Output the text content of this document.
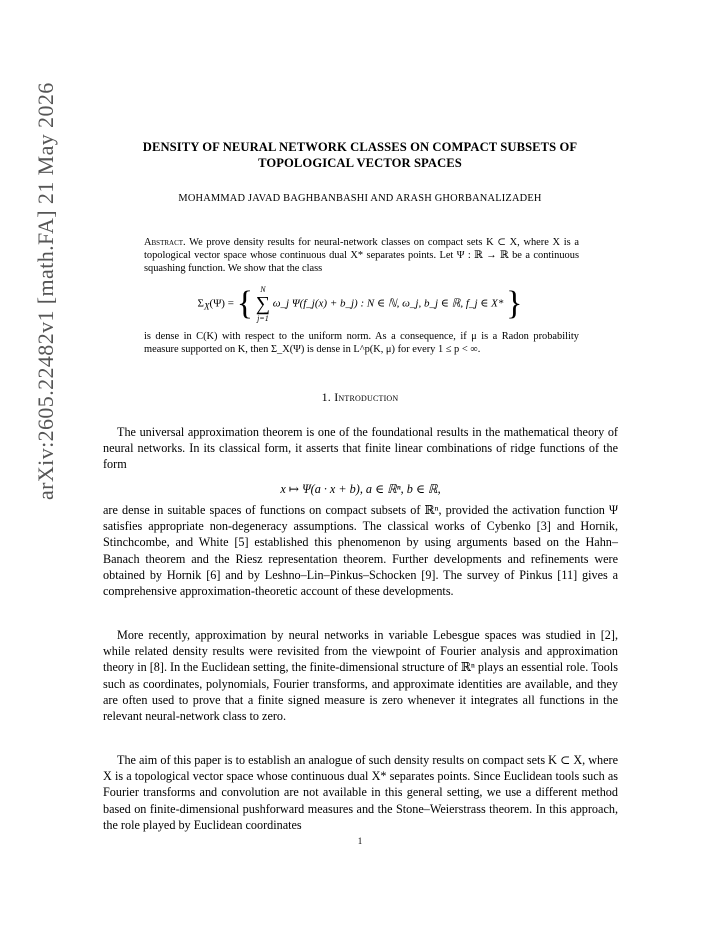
arXiv:2605.22482v1 [math.FA] 21 May 2026	DENSITY OF NEURAL NETWORK CLASSES ON COMPACT SUBSETS OF
TOPOLOGICAL VECTOR SPACES
MOHAMMAD JAVAD BAGHBANBASHI AND ARASH GHORBANALIZADEH
Abstract. We prove density results for neural-network classes on compact sets K ⊂ X, where X is a topological vector space whose continuous dual X* separates points. Let Ψ : ℝ → ℝ be a continuous squashing function. We show that the class
$\Sigma_X(\Psi)$ = { N
∑
j=1 ω_j Ψ(f_j(x) + b_j) : N ∈ ℕ, ω_j, b_j ∈ ℝ, f_j ∈ X* }
is dense in C(K) with respect to the uniform norm. As a consequence, if μ is a Radon probability measure supported on K, then Σ_X(Ψ) is dense in L^p(K, μ) for every 1 ≤ p < ∞.
1. Introduction

The universal approximation theorem is one of the foundational results in the mathematical theory of neural networks. In its classical form, it asserts that finite linear combinations of ridge functions of the form

x ↦ Ψ(a · x + b), a ∈ ℝⁿ, b ∈ ℝ,

are dense in suitable spaces of functions on compact subsets of ℝⁿ, provided the activation function Ψ satisfies appropriate non-degeneracy assumptions. The classical works of Cybenko [3] and Hornik, Stinchcombe, and White [5] established this phenomenon by using arguments based on the Hahn–Banach theorem and the Riesz representation theorem. Further developments and refinements were obtained by Hornik [6] and by Leshno–Lin–Pinkus–Schocken [9]. The survey of Pinkus [11] gives a comprehensive approximation-theoretic account of these developments.

More recently, approximation by neural networks in variable Lebesgue spaces was studied in [2], while related density results were revisited from the viewpoint of Fourier analysis and approximation theory in [8]. In the Euclidean setting, the finite-dimensional structure of ℝⁿ plays an essential role. Tools such as coordinates, polynomials, Fourier transforms, and approximate identities are available, and they are often used to prove that a finite signed measure is zero whenever it integrates all functions in the relevant neural-network class to zero.

The aim of this paper is to establish an analogue of such density results on compact sets K ⊂ X, where X is a topological vector space whose continuous dual X* separates points. Since Euclidean tools such as Fourier transforms and convolution are not available in this general setting, we use a different method based on finite-dimensional pushforward measures and the Stone–Weierstrass theorem. In this approach, the role played by Euclidean coordinates

1
